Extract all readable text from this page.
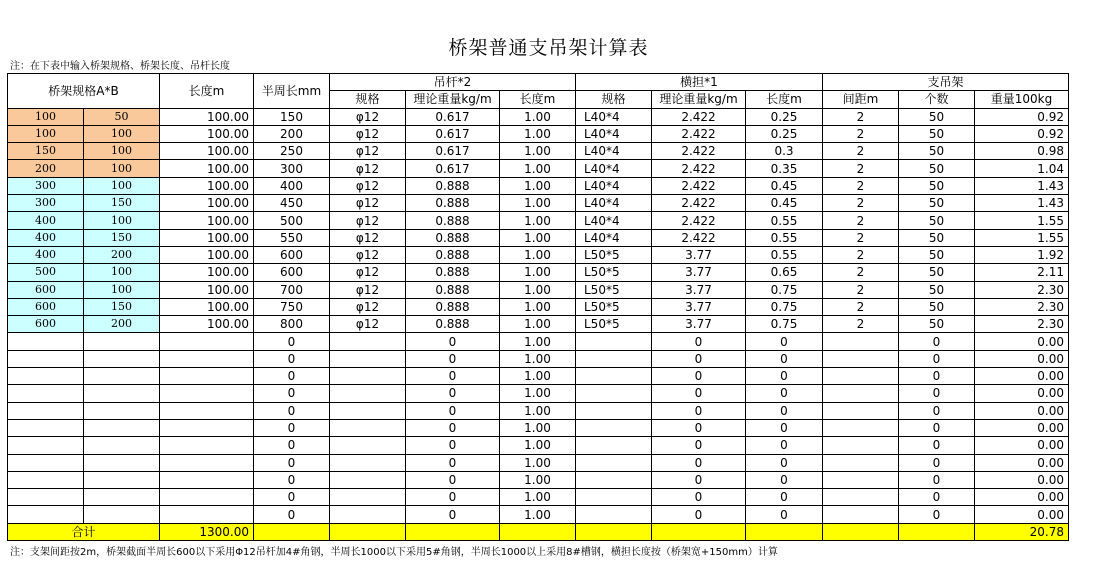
桥架普通支吊架计算表
注：在下表中输入桥架规格、桥架长度、吊杆长度
桥架规格A*B		长度m	半周长mm	吊杆*2			横担*1			支吊架		
				规格	理论重量kg/m	长度m	规格	理论重量kg/m	长度m	间距m	个数	重量100kg
100	50	100.00	150	φ12	0.617	1.00	L40*4	2.422	0.25	2	50	0.92
100	100	100.00	200	φ12	0.617	1.00	L40*4	2.422	0.25	2	50	0.92
150	100	100.00	250	φ12	0.617	1.00	L40*4	2.422	0.3	2	50	0.98
200	100	100.00	300	φ12	0.617	1.00	L40*4	2.422	0.35	2	50	1.04
300	100	100.00	400	φ12	0.888	1.00	L40*4	2.422	0.45	2	50	1.43
300	150	100.00	450	φ12	0.888	1.00	L40*4	2.422	0.45	2	50	1.43
400	100	100.00	500	φ12	0.888	1.00	L40*4	2.422	0.55	2	50	1.55
400	150	100.00	550	φ12	0.888	1.00	L40*4	2.422	0.55	2	50	1.55
400	200	100.00	600	φ12	0.888	1.00	L50*5	3.77	0.55	2	50	1.92
500	100	100.00	600	φ12	0.888	1.00	L50*5	3.77	0.65	2	50	2.11
600	100	100.00	700	φ12	0.888	1.00	L50*5	3.77	0.75	2	50	2.30
600	150	100.00	750	φ12	0.888	1.00	L50*5	3.77	0.75	2	50	2.30
600	200	100.00	800	φ12	0.888	1.00	L50*5	3.77	0.75	2	50	2.30
			0		0	1.00		0	0		0	0.00
			0		0	1.00		0	0		0	0.00
			0		0	1.00		0	0		0	0.00
			0		0	1.00		0	0		0	0.00
			0		0	1.00		0	0		0	0.00
			0		0	1.00		0	0		0	0.00
			0		0	1.00		0	0		0	0.00
			0		0	1.00		0	0		0	0.00
			0		0	1.00		0	0		0	0.00
			0		0	1.00		0	0		0	0.00
			0		0	1.00		0	0		0	0.00
合计		1300.00										20.78
注：支架间距按2m，桥架截面半周长600以下采用Φ12吊杆加4#角钢，半周长1000以下采用5#角钢，半周长1000以上采用8#槽钢，横担长度按（桥架宽+150mm）计算
